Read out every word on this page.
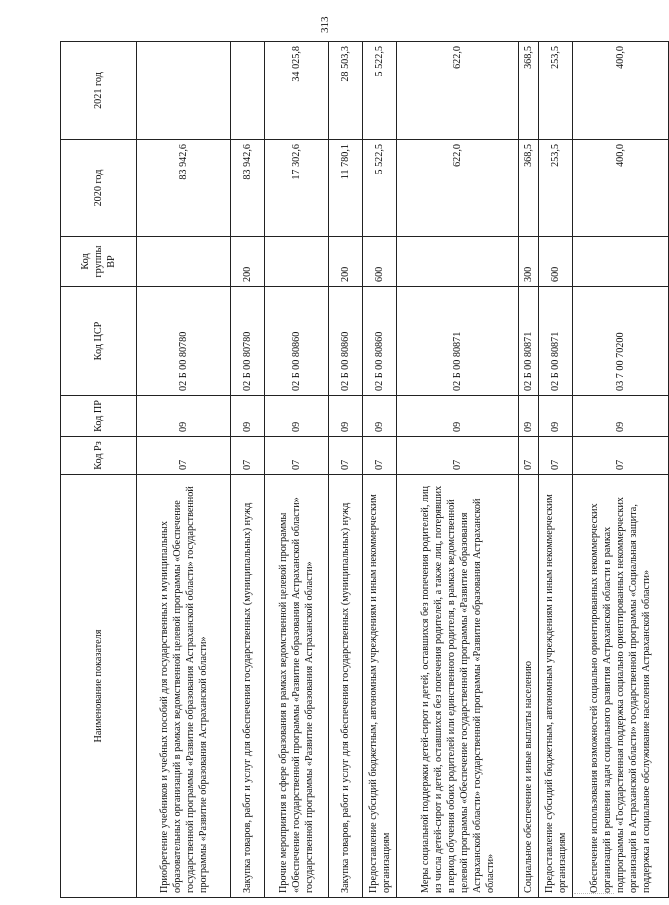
313
Наименование показателя	Код Рз	Код ПР	Код ЦСР	Код группы ВР	2020 год	2021 год
Приобретение учебников и учебных пособий для государственных и муниципальных образовательных организаций в рамках ведомственной целевой программы «Обеспечение государственной программы «Развитие образования Астраханской области» государственной программы «Развитие образования Астраханской области»	07	09	02 Б 00 80780		83 942,6	
Закупка товаров, работ и услуг для обеспечения государственных (муниципальных) нужд	07	09	02 Б 00 80780	200	83 942,6	
Прочие мероприятия в сфере образования в рамках ведомственной целевой программы «Обеспечение государственной программы «Развитие образования Астраханской области» государственной программы «Развитие образования Астраханской области»	07	09	02 Б 00 80860		17 302,6	34 025,8
Закупка товаров, работ и услуг для обеспечения государственных (муниципальных) нужд	07	09	02 Б 00 80860	200	11 780,1	28 503,3
Предоставление субсидий бюджетным, автономным учреждениям и иным некоммерческим организациям	07	09	02 Б 00 80860	600	5 522,5	5 522,5
Меры социальной поддержки детей-сирот и детей, оставшихся без попечения родителей, лиц из числа детей-сирот и детей, оставшихся без попечения родителей, а также лиц, потерявших в период обучения обоих родителей или единственного родителя, в рамках ведомственной целевой программы «Обеспечение государственной программы «Развитие образования Астраханской области» государственной программы «Развитие образования Астраханской области»	07	09	02 Б 00 80871		622,0	622,0
Социальное обеспечение и иные выплаты населению	07	09	02 Б 00 80871	300	368,5	368,5
Предоставление субсидий бюджетным, автономным учреждениям и иным некоммерческим организациям	07	09	02 Б 00 80871	600	253,5	253,5
Обеспечение использования возможностей социально ориентированных некоммерческих организаций в решении задач социального развития Астраханской области в рамках подпрограммы «Государственная поддержка социально ориентированных некоммерческих организаций в Астраханской области» государственной программы «Социальная защита, поддержка и социальное обслуживание населения Астраханской области»	07	09	03 7 00 70200		400,0	400,0
